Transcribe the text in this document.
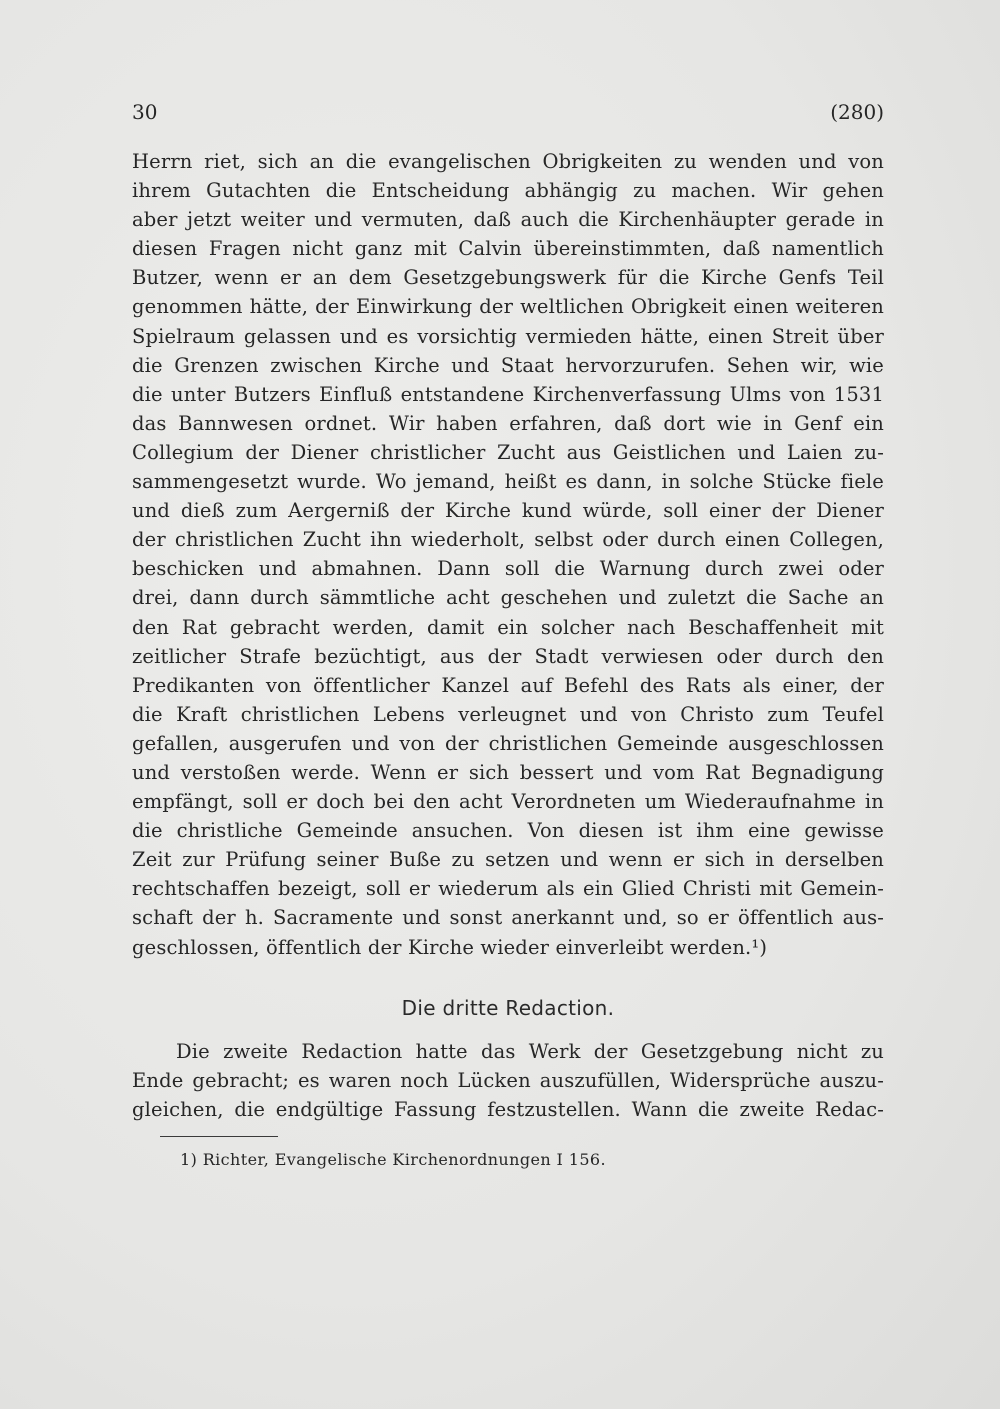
30	(280)
Herrn riet, sich an die evangelischen Obrigkeiten zu wenden und von
ihrem Gutachten die Entscheidung abhängig zu machen. Wir gehen
aber jetzt weiter und vermuten, daß auch die Kirchenhäupter gerade in
diesen Fragen nicht ganz mit Calvin übereinstimmten, daß namentlich
Butzer, wenn er an dem Gesetzgebungswerk für die Kirche Genfs Teil
genommen hätte, der Einwirkung der weltlichen Obrigkeit einen weiteren
Spielraum gelassen und es vorsichtig vermieden hätte, einen Streit über
die Grenzen zwischen Kirche und Staat hervorzurufen. Sehen wir, wie
die unter Butzers Einfluß entstandene Kirchenverfassung Ulms von 1531
das Bannwesen ordnet. Wir haben erfahren, daß dort wie in Genf ein
Collegium der Diener christlicher Zucht aus Geistlichen und Laien zu-
sammengesetzt wurde. Wo jemand, heißt es dann, in solche Stücke fiele
und dieß zum Aergerniß der Kirche kund würde, soll einer der Diener
der christlichen Zucht ihn wiederholt, selbst oder durch einen Collegen,
beschicken und abmahnen. Dann soll die Warnung durch zwei oder
drei, dann durch sämmtliche acht geschehen und zuletzt die Sache an
den Rat gebracht werden, damit ein solcher nach Beschaffenheit mit
zeitlicher Strafe bezüchtigt, aus der Stadt verwiesen oder durch den
Predikanten von öffentlicher Kanzel auf Befehl des Rats als einer, der
die Kraft christlichen Lebens verleugnet und von Christo zum Teufel
gefallen, ausgerufen und von der christlichen Gemeinde ausgeschlossen
und verstoßen werde. Wenn er sich bessert und vom Rat Begnadigung
empfängt, soll er doch bei den acht Verordneten um Wiederaufnahme in
die christliche Gemeinde ansuchen. Von diesen ist ihm eine gewisse
Zeit zur Prüfung seiner Buße zu setzen und wenn er sich in derselben
rechtschaffen bezeigt, soll er wiederum als ein Glied Christi mit Gemein-
schaft der h. Sacramente und sonst anerkannt und, so er öffentlich aus-
geschlossen, öffentlich der Kirche wieder einverleibt werden.¹)
Die dritte Redaction.
Die zweite Redaction hatte das Werk der Gesetzgebung nicht zu
Ende gebracht; es waren noch Lücken auszufüllen, Widersprüche auszu-
gleichen, die endgültige Fassung festzustellen. Wann die zweite Redac-
1) Richter, Evangelische Kirchenordnungen I 156.
